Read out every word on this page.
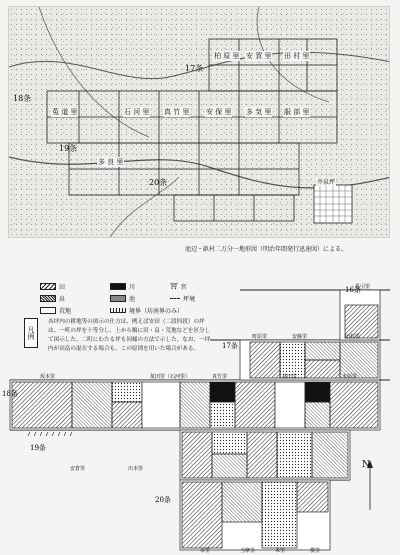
18条
17条
19条
20条
菟 道 里	石 河 里 真 竹 里 安 保 里
柏 原 里
多 気 里
多 良 里
安 賀 里 田 村 里
服 部 里
井泉坪
池辺・畝村二万分一地形図（明治年間発行迅速図）による。
田
畠
荒地
川
池
⛩ 宮
坪境
境界（坊南界のみ）
凡例
各坪内の耕地等の図示の仕方は、例えば安田（二段四段）の坪は、一町の坪を十等分し、上から順に田・畠・荒地などを区分して図示した。二町にわたる坪も同様の方法で示した。なお、一坪内が田畠の混在する場合も、この原則を用いた場合がある。
16条
17条
18条
19条
20条
馬引里
町原里	安藤里	田村里
坂本里	菟田里（石河里）	真竹里	林田里	木原里
安倉里	出本里
当摩里
市里	米里	横里
N
